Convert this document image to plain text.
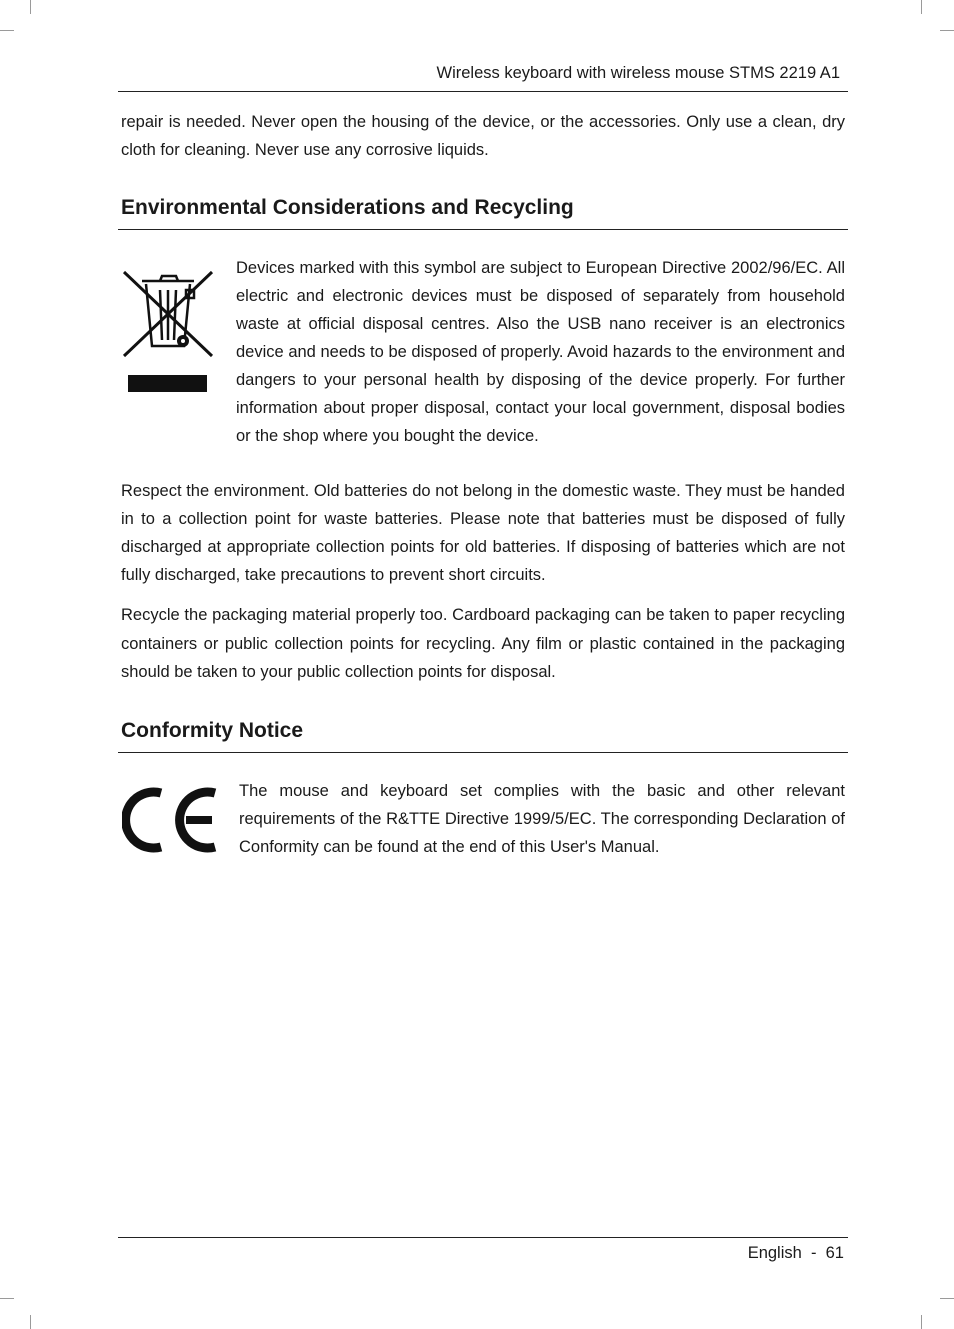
Wireless keyboard with wireless mouse STMS 2219 A1
repair is needed. Never open the housing of the device, or the accessories. Only use a clean, dry cloth for cleaning. Never use any corrosive liquids.
Environmental Considerations and Recycling
Devices marked with this symbol are subject to European Directive 2002/96/EC. All electric and electronic devices must be disposed of separately from household waste at official disposal centres. Also the USB nano receiver is an electronics device and needs to be disposed of properly. Avoid hazards to the environment and dangers to your personal health by disposing of the device properly. For further information about proper disposal, contact your local government, disposal bodies or the shop where you bought the device.
Respect the environment. Old batteries do not belong in the domestic waste. They must be handed in to a collection point for waste batteries. Please note that batteries must be disposed of fully discharged at appropriate collection points for old batteries. If disposing of batteries which are not fully discharged, take precautions to prevent short circuits.
Recycle the packaging material properly too. Cardboard packaging can be taken to paper recycling containers or public collection points for recycling. Any film or plastic contained in the packaging should be taken to your public collection points for disposal.
Conformity Notice
The mouse and keyboard set complies with the basic and other relevant requirements of the R&TTE Directive 1999/5/EC. The corresponding Declaration of Conformity can be found at the end of this User's Manual.
English  -  61
